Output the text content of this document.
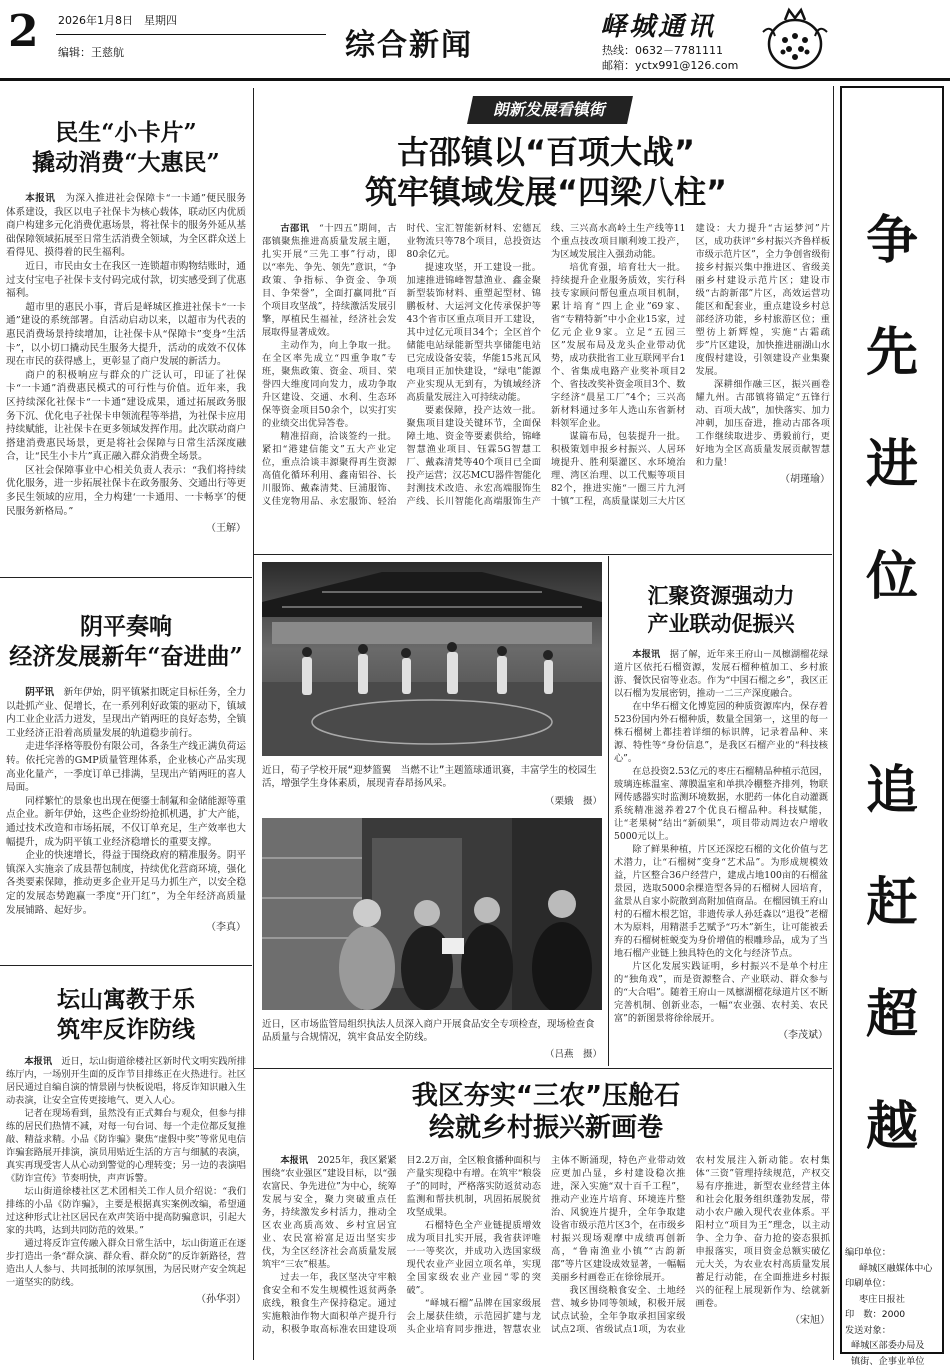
2 2026年1月8日　星期四
编辑：王慈航	综合新闻
峄城通讯
热线：0632－7781111
邮箱：yctx991@126.com
民生“小卡片”
撬动消费“大惠民”

本报讯　 为深入推进社会保障卡“一卡通”便民服务体系建设，我区以电子社保卡为核心载体，联动区内优质商户构建多元化消费优惠场景，将社保卡的服务外延从基础保障领域拓展至日常生活消费全领域，为全区群众送上看得见、摸得着的民生福利。

近日，市民由女士在我区一连锁超市购物结账时，通过支付宝电子社保卡支付码完成付款，切实感受到了优惠福利。

超市里的惠民小事，背后是峄城区推进社保卡“一卡通”建设的系统部署。自活动启动以来，以超市为代表的惠民消费场景持续增加，让社保卡从“保障卡”变身“生活卡”，以小切口撬动民生服务大提升，活动的成效不仅体现在市民的获得感上，更彰显了商户发展的新活力。

商户的积极响应与群众的广泛认可，印证了社保卡“一卡通”消费惠民模式的可行性与价值。近年来，我区持续深化社保卡“一卡通”建设成果，通过拓展政务服务下沉、优化电子社保卡申领流程等举措，为社保卡应用持续赋能，让社保卡在更多领域发挥作用。此次联动商户搭建消费惠民场景，更是将社会保障与日常生活深度融合，让“民生小卡片”真正融入群众消费全场景。

区社会保障事业中心相关负责人表示：“我们将持续优化服务，进一步拓展社保卡在政务服务、交通出行等更多民生领域的应用，全力构建‘一卡通用、一卡畅享’的便民服务新格局。”

（王解）
阴平奏响
经济发展新年“奋进曲”

阴平讯　 新年伊始，阴平镇紧扣既定目标任务，全力以赴抓产业、促增长，在一系列利好政策的驱动下，镇域内工业企业活力迸发，呈现出产销两旺的良好态势，全镇工业经济正沿着高质量发展的轨道稳步前行。

走进华泽格等股份有限公司，各条生产线正满负荷运转。依托完善的GMP质量管理体系，企业核心产品实现高业化量产，一季度订单已排满，呈现出产销两旺的喜人局面。

同样繁忙的景象也出现在便鎏士制氟和金储能源等重点企业。新年伊始，这些企业纷纷抢抓机遇，扩大产能，通过技术改造和市场拓展，不仅订单充足，生产效率也大幅提升，成为阴平镇工业经济稳增长的重要支撑。

企业的快速增长，得益于围绕政府的精准服务。阴平镇深入实施亲了成县帮包制度，持续优化营商环境，强化各类要素保障，推动更多企业开足马力抓生产，以安全稳定的发展态势跑赢一季度“开门红”，为全年经济高质量发展铺路、起好步。

（李真）
坛山寓教于乐
筑牢反诈防线

本报讯　 近日，坛山街道徐楼社区新时代文明实践所排练厅内，一场别开生面的反诈节目排练正在火热进行。社区居民通过自编自演的情景剧与快板说唱，将反诈知识融入生动表演，让安全宣传更接地气、更入人心。

记者在现场看到，虽然没有正式舞台与观众，但参与排练的居民们热情不减，对每一句台词、每一个走位都反复推敲、精益求精。小品《防诈骗》聚焦“虚假中奖”等常见电信诈骗套路展开排演，演员用贴近生活的方言与细腻的表演，真实再现受害人从心动到警觉的心理转变；另一边的表演唱《防诈宣传》节奏明快，声声诉警。

坛山街道徐楼社区艺术团相关工作人员介绍说：“我们排练的小品《防诈骗》，主要是根据真实案例改编，希望通过这种形式让社区居民在欢声笑语中提高防骗意识，引起大家的共鸣，达到共同防范的效果。”

通过将反诈宣传融入群众日常生活中，坛山街道正在逐步打造出一条“群众演、群众看、群众防”的反诈新路径，营造出人人参与、共同抵制的浓厚氛围，为居民财产安全筑起一道坚实的防线。

（孙华羽）
朗新发展看镇街
古邵镇以“百项大战”
筑牢镇域发展“四梁八柱”

古邵讯　 “十四五”期间，古邵镇聚焦推进高质量发展主题，扎实开展“三先工事”行动，即以“率先、争先、领先”意识，“争政策、争指标、争资金、争项目、争荣誉”，全面打赢同批“百个项目攻坚战”，持续激活发展引擎，厚植民生福祉，经济社会发展取得显著成效。

主动作为，向上争取一批。在全区率先成立“四重争取”专班，聚焦政策、资金、项目、荣誉四大维度同向发力，成功争取升区建设、交通、水利、生态环保等资金项目50余个，以实打实的业绩交出优异答卷。

精准招商，洽谈签约一批。紧扣“港建信能文”五大产业定位，重点洽谈丰源聚得再生资源高值化循环利用、鑫南铝谷、长川服饰、戴森清梵、巨浦服饰、义佳宠物用品、永宏服饰、轻治时代、宝汇智能新材料、宏德瓦业物流只等78个项目，总投资达80余亿元。

提速攻坚，开工建设一批。加速推进锦峰智慧渔业、鑫金聚新型装饰材料、重塑起型材、锦鹏板材、大运河文化传承保护等43个省市区重点项目开工建设，其中过亿元项目34个；全区首个储能电站绿能新型共享储能电站已完成设备安装，华能15兆瓦风电项目正加快建设，“绿电”能源产业实现从无到有，为镇域经济高质量发展注入可持续动能。

要素保障，投产达效一批。聚焦项目建设关键环节，全面保障土地、资金等要素供给，锦峰智慧渔业项目、钰霖5G智慧工厂、戴森清梵等40个项目已全面投产运营；汉芯MCU器件智能化封测技术改造、永宏高端服饰生产线、长川智能化高端服饰生产线、三兴高水高岭土生产线等11个重点技改项目顺利竣工投产，为区域发展注入强劲动能。

培优育强，培育壮大一批。持续提升企业服务质效，实行科技专家顾问帮包重点项目机制，累计培育“四上企业”69家、省“专精特新”中小企业15家，过亿元企业9家。立足“五园三区”发展布局及龙头企业带动优势，成功获批省工业互联网平台1个、省集成电路产业奖补项目2个、省技改奖补资金项目3个、数字经济“晨星工厂”4个；三兴高新材料通过多年人选山东省新材料领军企业。

谋篇布局，包装提升一批。积极策划申报乡村振兴、人居环境提升、胜利渠灌区、水环境治理、湾区治理、以工代赈等项目82个，推进实施“一圈三片九河十镇”工程，高质量谋划三大片区建设：大力提升“古运梦河”片区，成功获评“乡村振兴齐鲁样板市级示范片区”，全力争创省级衔接乡村振兴集中推进区、省级美丽乡村建设示范片区；建设市级“古韵新邵”片区，高效运营功能区和配套业，重点建设乡村总部经济功能，乡村旅游区位；重塑彷上新辉煌，实施“古霜疏步”片区建设，加快推进丽湖山水度假村建设，引领建设产业集聚发展。

深耕细作融三区，振兴画卷耀九州。古邵镇将锚定“五锋行动、百项大战”，加快落实、加力冲刺，加压奋进，推动古邵各项工作继续取进步、勇毅前行，更好地为全区高质量发展贡献智慧和力量！

（胡瑾瑜）
近日，荀子学校开展“迎梦篮翼　当燃不让”主题篮球通讯赛，丰富学生的校园生活，增强学生身体素质，展现青春昂扬风采。
（栗娥　摄）
近日，区市场监管局组织执法人员深入商户开展食品安全专项检查，现场检查食品质量与合规情况，筑牢食品安全防线。
（吕燕　摄）
汇聚资源强动力
产业联动促振兴

本报讯　 据了解，近年来王府山－凤檩湖榴花绿道片区依托石榴资源，发展石榴种植加工、乡村旅游、餐饮民宿等业态。作为“中国石榴之乡”，我区正以石榴为发展密钥，推动一二三产深度融合。

在中华石榴文化博览园的种质资源库内，保存着523份国内外石榴种质，数量全国第一，这里的每一株石榴树上都挂着详细的标识牌，记录着品种、来源、特性等“身份信息”，是我区石榴产业的“科技核心”。

在总投资2.53亿元的枣庄石榴精品种植示范园，玻璃连栋温室、薄膜温室和单拱冷棚整齐排列，物联网传感器实时监测环境数据，水肥药一体化自动灌溉系统精准滋养着27个优良石榴品种。科技赋能，让“老果树”结出“新硕果”，项目带动周边农户增收5000元以上。

除了鲜果种植，片区还深挖石榴的文化价值与艺术潜力，让“石榴树”变身“艺术品”。为形成规模效益，片区整合36户经营户，建成占地100亩的石榴盆景园，选取5000余棵造型各异的石榴树人园培育，盆景从自家小院散到高附加值商品。在榴园镇王府山村的石榴木根艺馆，非遗传承人孙廷森以“退役”老榴木为原料，用精湛手艺赋予“巧木”新生，让可能被丢弃的石榴树桩蜕变为身价增值的根雕珍品，成为了当地石榴产业链上独具特色的文化与经济节点。

片区化发展实践证明，乡村振兴不是单个村庄的“独角戏”，而是资源整合、产业联动、群众参与的“大合唱”。随着王府山－凤檩湖榴花绿道片区不断完善机制、创新业态，一幅“农业强、农村美、农民富”的新图景将徐徐展开。

（李茂斌）
我区夯实“三农”压舱石
绘就乡村振兴新画卷

本报讯　 2025年，我区紧紧围绕“农业强区”建设目标，以“强农富民、争先进位”为中心，统筹发展与安全，聚力突破重点任务，持续激发乡村活力，推动全区农业高质高效、乡村宜居宜业、农民富裕富足迈出坚实步伐，为全区经济社会高质量发展筑牢“三农”根基。

过去一年，我区坚决守牢粮食安全和不发生规模性返贫两条底线，粮食生产保持稳定。通过实施粮油作物大面积单产提升行动，积极争取高标准农田建设项目2.2万亩，全区粮食播种面积与产量实现稳中有增。在筑牢“粮袋子”的同时，严格落实防返贫动态监测和帮扶机制，巩固拓展脱贫攻坚成果。

石榴特色全产业链提质增效成为项目扎实开展，我省获评唯一一等奖次，并成功入选国家级现代农业产业园立项名单，实现全国家级农业产业园“零的突破”。

“峄城石榴”品牌在国家级展会上屡获佳绩，示范园扩建与龙头企业培育同步推进，智慧农业主体不断涌现，特色产业带动效应更加凸显，乡村建设稳次推进，深入实施“双十百千工程”，推动产业连片培育、环境连片整治、风貌连片提升，全年争取建设省市级示范片区3个，在市级乡村振兴现场观摩中成绩再创新高，“鲁南渔业小镇”“古韵新邵”等片区建设成效显著，一幅幅美丽乡村画卷正在徐徐展开。

我区围绕粮食安全、土地经营、城乡协同等领域，积极开展试点试验，全年争取承担国家级试点2项、省级试点1项，为农业农村发展注入新动能。农村集体“三资”管理持续规范，产权交易有序推进，新型农业经营主体和社会化服务组织蓬勃发展，带动小农户融入现代农业体系。平阳村立“项目为王”理念，以主动争、全力争、奋力抢的姿态狠抓申报落实，项目资金总额实破亿元大关，为农业农村高质量发展蓄足行动能，在全面推进乡村振兴的征程上展现新作为、绘就新画卷。

（宋旭）
争
先
进
位
追
赶
超
越
编印单位：
峄城区融媒体中心
印刷单位：
枣庄日报社
印　数：2000
发送对象：
峄城区部委办局及
镇街、企事业单位
